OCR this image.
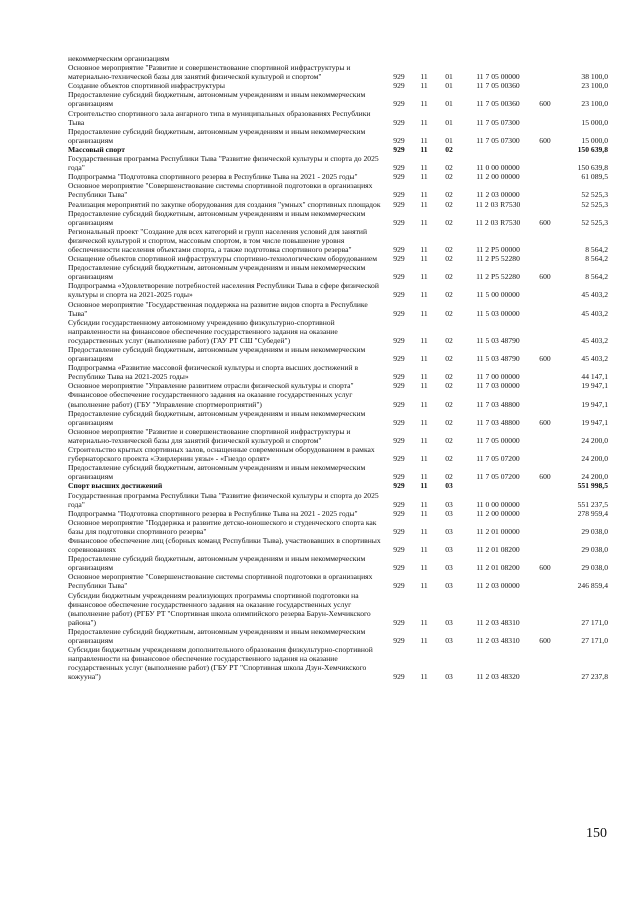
некоммерческим организациям						
Основное мероприятие "Развитие и совершенствование спортивной инфраструктуры и материально-технической базы для занятий физической культурой и спортом"	929	11	01	11 7 05 00000		38 100,0
Создание объектов спортивной инфраструктуры	929	11	01	11 7 05 00360		23 100,0
Предоставление субсидий бюджетным, автономным учреждениям и иным некоммерческим организациям	929	11	01	11 7 05 00360	600	23 100,0
Строительство спортивного зала ангарного типа в муниципальных образованиях Республики Тыва	929	11	01	11 7 05 07300		15 000,0
Предоставление субсидий бюджетным, автономным учреждениям и иным некоммерческим организациям	929	11	01	11 7 05 07300	600	15 000,0
Массовый спорт	929	11	02			150 639,8
Государственная программа Республики Тыва "Развитие физической культуры и спорта до 2025 года"	929	11	02	11 0 00 00000		150 639,8
Подпрограмма "Подготовка спортивного резерва в Республике Тыва на 2021 - 2025 годы"	929	11	02	11 2 00 00000		61 089,5
Основное мероприятие "Совершенствование системы спортивной подготовки в организациях Республики Тыва"	929	11	02	11 2 03 00000		52 525,3
Реализация мероприятий по закупке оборудования для создания "умных" спортивных площадок	929	11	02	11 2 03 R7530		52 525,3
Предоставление субсидий бюджетным, автономным учреждениям и иным некоммерческим организациям	929	11	02	11 2 03 R7530	600	52 525,3
Региональный проект "Создание для всех категорий и групп населения условий для занятий физической культурой и спортом, массовым спортом, в том числе повышение уровня обеспеченности населения объектами спорта, а также подготовка спортивного резерва"	929	11	02	11 2 P5 00000		8 564,2
Оснащение объектов спортивной инфраструктуры спортивно-технологическим оборудованием	929	11	02	11 2 P5 52280		8 564,2
Предоставление субсидий бюджетным, автономным учреждениям и иным некоммерческим организациям	929	11	02	11 2 P5 52280	600	8 564,2
Подпрограмма «Удовлетворение потребностей населения Республики Тыва в сфере физической культуры и спорта на 2021-2025 годы»	929	11	02	11 5 00 00000		45 403,2
Основное мероприятие "Государственная поддержка на развитие видов спорта в Республике Тыва"	929	11	02	11 5 03 00000		45 403,2
Субсидии государственному автономному учреждению физкультурно-спортивной направленности на финансовое обеспечение государственного задания на оказание государственных услуг (выполнение работ) (ГАУ РТ СШ "Субедей")	929	11	02	11 5 03 48790		45 403,2
Предоставление субсидий бюджетным, автономным учреждениям и иным некоммерческим организациям	929	11	02	11 5 03 48790	600	45 403,2
Подпрограмма «Развитие массовой физической культуры и спорта высших достижений в Республике Тыва на 2021-2025 годы»	929	11	02	11 7 00 00000		44 147,1
Основное мероприятие "Управление развитием отрасли физической культуры и спорта"	929	11	02	11 7 03 00000		19 947,1
Финансовое обеспечение государственного задания на оказание государственных услуг (выполнение работ) (ГБУ "Управление спортмероприятий")	929	11	02	11 7 03 48800		19 947,1
Предоставление субсидий бюджетным, автономным учреждениям и иным некоммерческим организациям	929	11	02	11 7 03 48800	600	19 947,1
Основное мероприятие "Развитие и совершенствование спортивной инфраструктуры и материально-технической базы для занятий физической культурой и спортом"	929	11	02	11 7 05 00000		24 200,0
Строительство крытых спортивных залов, оснащенные современным оборудованием в рамках губернаторского проекта «Эзирлернин уязы» - «Гнездо орлят»	929	11	02	11 7 05 07200		24 200,0
Предоставление субсидий бюджетным, автономным учреждениям и иным некоммерческим организациям	929	11	02	11 7 05 07200	600	24 200,0
Спорт высших достижений	929	11	03			551 998,5
Государственная программа Республики Тыва "Развитие физической культуры и спорта до 2025 года"	929	11	03	11 0 00 00000		551 237,5
Подпрограмма "Подготовка спортивного резерва в Республике Тыва на 2021 - 2025 годы"	929	11	03	11 2 00 00000		278 959,4
Основное мероприятие "Поддержка и развитие детско-юношеского и студенческого спорта как базы для подготовки спортивного резерва"	929	11	03	11 2 01 00000		29 038,0
Финансовое обеспечение лиц (сборных команд Республики Тыва), участвовавших в спортивных соревнованиях	929	11	03	11 2 01 08200		29 038,0
Предоставление субсидий бюджетным, автономным учреждениям и иным некоммерческим организациям	929	11	03	11 2 01 08200	600	29 038,0
Основное мероприятие "Совершенствование системы спортивной подготовки в организациях Республики Тыва"	929	11	03	11 2 03 00000		246 859,4
Субсидии бюджетным учреждениям реализующих программы спортивной подготовки на финансовое обеспечение государственного задания на оказание государственных услуг (выполнение работ) (РГБУ РТ "Спортивная школа олимпийского резерва Барун-Хемчикского района")	929	11	03	11 2 03 48310		27 171,0
Предоставление субсидий бюджетным, автономным учреждениям и иным некоммерческим организациям	929	11	03	11 2 03 48310	600	27 171,0
Субсидии бюджетным учреждениям дополнительного образования физкультурно-спортивной направленности на финансовое обеспечение государственного задания на оказание государственных услуг (выполнение работ) (ГБУ РТ "Спортивная школа Дзун-Хемчикского кожууна")	929	11	03	11 2 03 48320		27 237,8
150
